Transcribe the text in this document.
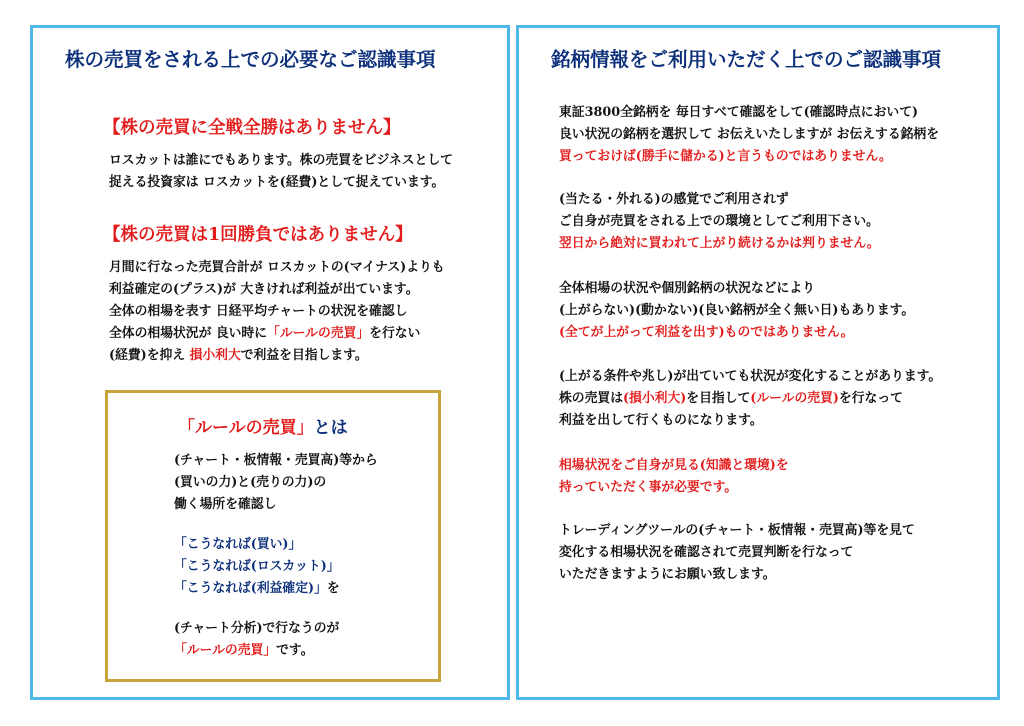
株の売買をされる上での必要なご認識事項
【株の売買に全戦全勝はありません】
ロスカットは誰にでもあります。株の売買をビジネスとして
捉える投資家は ロスカットを(経費)として捉えています。
【株の売買は1回勝負ではありません】
月間に行なった売買合計が ロスカットの(マイナス)よりも
利益確定の(プラス)が 大きければ利益が出ています。
全体の相場を表す 日経平均チャートの状況を確認し
全体の相場状況が 良い時に「ルールの売買」を行ない
(経費)を抑え 損小利大で利益を目指します。
「ルールの売買」とは
(チャート・板情報・売買高)等から
(買いの力)と(売りの力)の
働く場所を確認し
「こうなれば(買い)」
「こうなれば(ロスカット)」
「こうなれば(利益確定)」を
(チャート分析)で行なうのが
「ルールの売買」です。
銘柄情報をご利用いただく上でのご認識事項
東証3800全銘柄を 毎日すべて確認をして(確認時点において)
良い状況の銘柄を選択して お伝えいたしますが お伝えする銘柄を
買っておけば(勝手に儲かる)と言うものではありません。
(当たる・外れる)の感覚でご利用されず
ご自身が売買をされる上での環境としてご利用下さい。
翌日から絶対に買われて上がり続けるかは判りません。
全体相場の状況や個別銘柄の状況などにより
(上がらない)(動かない)(良い銘柄が全く無い日)もあります。
(全てが上がって利益を出す)ものではありません。
(上がる条件や兆し)が出ていても状況が変化することがあります。
株の売買は(損小利大)を目指して(ルールの売買)を行なって
利益を出して行くものになります。
相場状況をご自身が見る(知識と環境)を
持っていただく事が必要です。
トレーディングツールの(チャート・板情報・売買高)等を見て
変化する相場状況を確認されて売買判断を行なって
いただきますようにお願い致します。
